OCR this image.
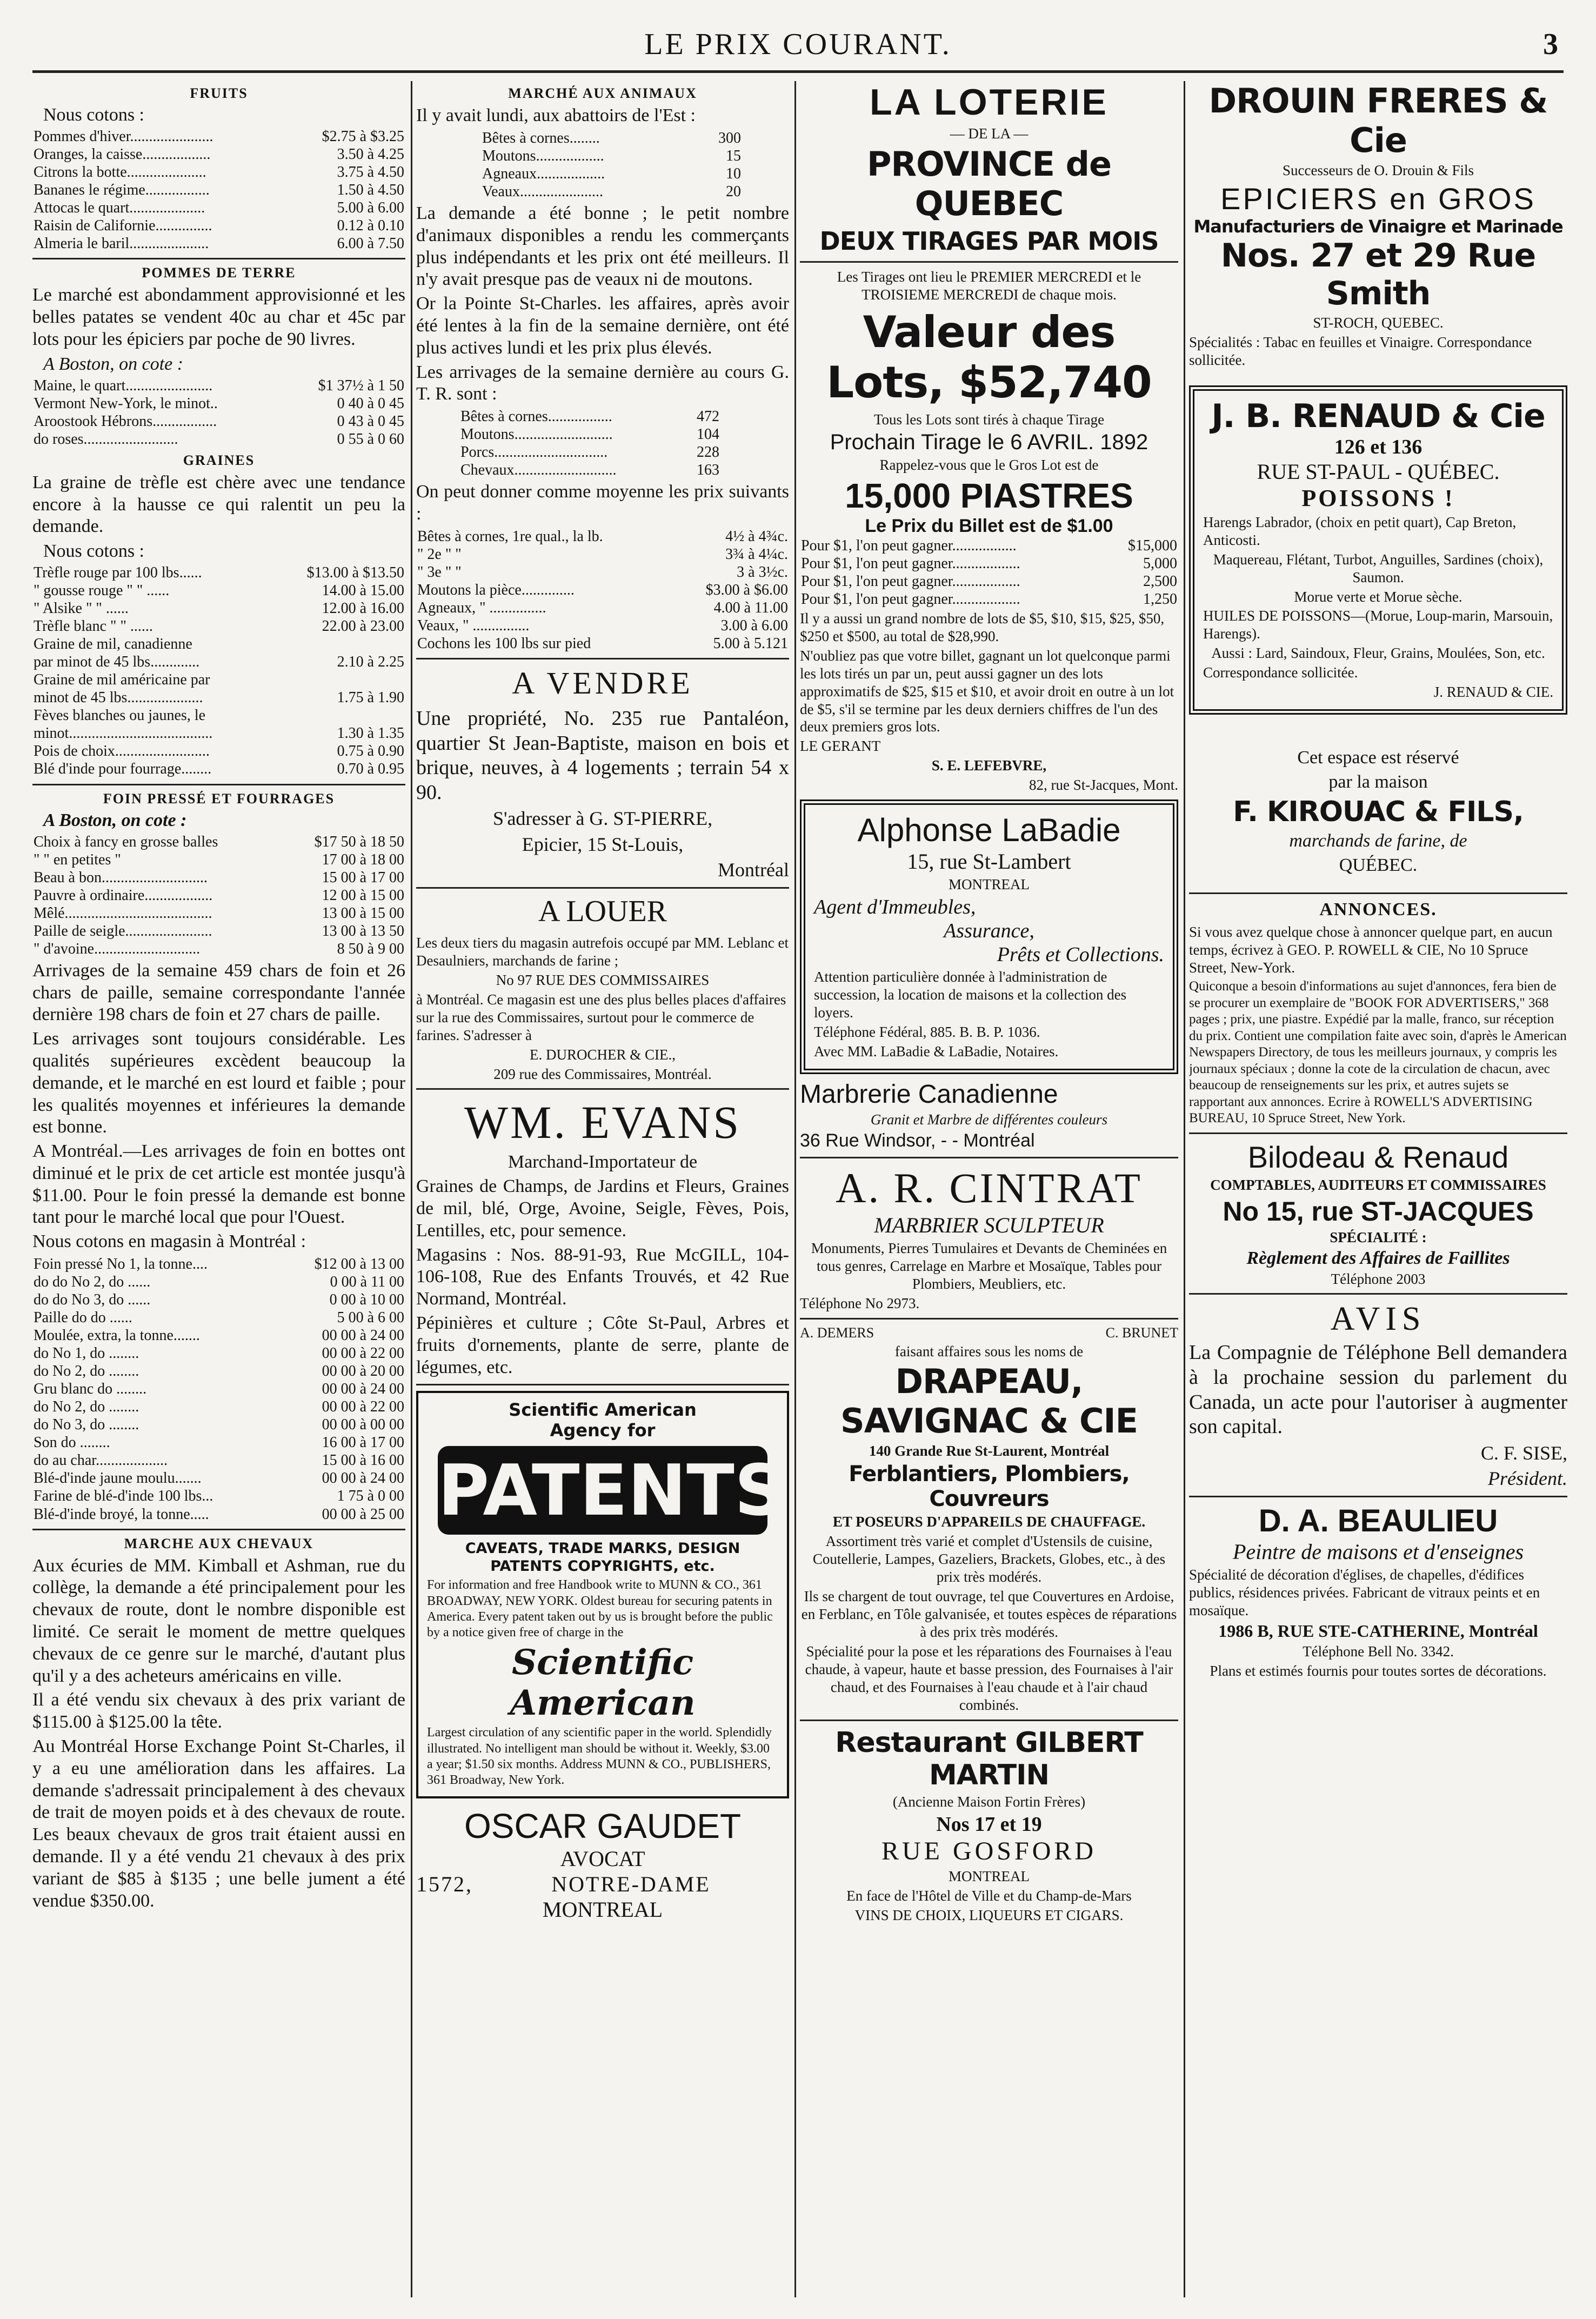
LE PRIX COURANT.	3
FRUITS
Nous cotons :
Pommes d'hiver......................	$2.75 à $3.25
Oranges, la caisse..................	3.50 à 4.25
Citrons la botte.....................	3.75 à 4.50
Bananes le régime.................	1.50 à 4.50
Attocas le quart....................	5.00 à 6.00
Raisin de Californie...............	0.12 à 0.10
Almeria le baril.....................	6.00 à 7.50
POMMES DE TERRE
Le marché est abondamment approvisionné et les belles patates se vendent 40c au char et 45c par lots pour les épiciers par poche de 90 livres.
A Boston, on cote :
Maine, le quart.......................	$1 37½ à 1 50
Vermont New-York, le minot..	0 40 à 0 45
Aroostook Hébrons.................	0 43 à 0 45
do roses.........................	0 55 à 0 60
GRAINES
La graine de trèfle est chère avec une tendance encore à la hausse ce qui ralentit un peu la demande.
Nous cotons :
Trèfle rouge par 100 lbs......	$13.00 à $13.50
" gousse rouge " " ......	14.00 à 15.00
" Alsike " " ......	12.00 à 16.00
Trèfle blanc " " ......	22.00 à 23.00
Graine de mil, canadienne	
par minot de 45 lbs.............	2.10 à 2.25
Graine de mil américaine par	
minot de 45 lbs....................	1.75 à 1.90
Fèves blanches ou jaunes, le	
minot......................................	1.30 à 1.35
Pois de choix.........................	0.75 à 0.90
Blé d'inde pour fourrage........	0.70 à 0.95
FOIN PRESSÉ ET FOURRAGES
A Boston, on cote :
Choix à fancy en grosse balles	$17 50 à 18 50
" " en petites "	17 00 à 18 00
Beau à bon............................	15 00 à 17 00
Pauvre à ordinaire..................	12 00 à 15 00
Mêlé.......................................	13 00 à 15 00
Paille de seigle.......................	13 00 à 13 50
" d'avoine............................	8 50 à 9 00
Arrivages de la semaine 459 chars de foin et 26 chars de paille, semaine correspondante l'année dernière 198 chars de foin et 27 chars de paille.
Les arrivages sont toujours considérable. Les qualités supérieures excèdent beaucoup la demande, et le marché en est lourd et faible ; pour les qualités moyennes et inférieures la demande est bonne.
A Montréal.—Les arrivages de foin en bottes ont diminué et le prix de cet article est montée jusqu'à $11.00. Pour le foin pressé la demande est bonne tant pour le marché local que pour l'Ouest.
Nous cotons en magasin à Montréal :
Foin pressé No 1, la tonne....	$12 00 à 13 00
do do No 2, do ......	0 00 à 11 00
do do No 3, do ......	0 00 à 10 00
Paille do do ......	5 00 à 6 00
Moulée, extra, la tonne.......	00 00 à 24 00
do No 1, do ........	00 00 à 22 00
do No 2, do ........	00 00 à 20 00
Gru blanc do ........	00 00 à 24 00
do No 2, do ........	00 00 à 22 00
do No 3, do ........	00 00 à 00 00
Son do ........	16 00 à 17 00
do au char...................	15 00 à 16 00
Blé-d'inde jaune moulu.......	00 00 à 24 00
Farine de blé-d'inde 100 lbs...	1 75 à 0 00
Blé-d'inde broyé, la tonne.....	00 00 à 25 00
MARCHE AUX CHEVAUX
Aux écuries de MM. Kimball et Ashman, rue du collège, la demande a été principalement pour les chevaux de route, dont le nombre disponible est limité. Ce serait le moment de mettre quelques chevaux de ce genre sur le marché, d'autant plus qu'il y a des acheteurs américains en ville.
Il a été vendu six chevaux à des prix variant de $115.00 à $125.00 la tête.
Au Montréal Horse Exchange Point St-Charles, il y a eu une amélioration dans les affaires. La demande s'adressait principalement à des chevaux de trait de moyen poids et à des chevaux de route. Les beaux chevaux de gros trait étaient aussi en demande. Il y a été vendu 21 chevaux à des prix variant de $85 à $135 ; une belle jument a été vendue $350.00.
MARCHÉ AUX ANIMAUX
Il y avait lundi, aux abattoirs de l'Est :
Bêtes à cornes........	300
Moutons..................	15
Agneaux..................	10
Veaux......................	20
La demande a été bonne ; le petit nombre d'animaux disponibles a rendu les commerçants plus indépendants et les prix ont été meilleurs. Il n'y avait presque pas de veaux ni de moutons.
Or la Pointe St-Charles. les affaires, après avoir été lentes à la fin de la semaine dernière, ont été plus actives lundi et les prix plus élevés.
Les arrivages de la semaine dernière au cours G. T. R. sont :
Bêtes à cornes.................	472
Moutons..........................	104
Porcs..............................	228
Chevaux...........................	163
On peut donner comme moyenne les prix suivants :
Bêtes à cornes, 1re qual., la lb.	4½ à 4¾c.
" 2e " "	3¾ à 4¼c.
" 3e " "	3 à 3½c.
Moutons la pièce..............	$3.00 à $6.00
Agneaux, " ...............	4.00 à 11.00
Veaux, " ...............	3.00 à 6.00
Cochons les 100 lbs sur pied	5.00 à 5.121
A VENDRE
Une propriété, No. 235 rue Pantaléon, quartier St Jean-Baptiste, maison en bois et brique, neuves, à 4 logements ; terrain 54 x 90.
S'adresser à G. ST-PIERRE,
Epicier, 15 St-Louis,
Montréal
A LOUER
Les deux tiers du magasin autrefois occupé par MM. Leblanc et Desaulniers, marchands de farine ;
No 97 RUE DES COMMISSAIRES
à Montréal. Ce magasin est une des plus belles places d'affaires sur la rue des Commissaires, surtout pour le commerce de farines. S'adresser à
E. DUROCHER & CIE.,
209 rue des Commissaires, Montréal.
WM. EVANS
Marchand-Importateur de
Graines de Champs, de Jardins et Fleurs, Graines de mil, blé, Orge, Avoine, Seigle, Fèves, Pois, Lentilles, etc, pour semence.
Magasins : Nos. 88-91-93, Rue McGILL, 104-106-108, Rue des Enfants Trouvés, et 42 Rue Normand, Montréal.
Pépinières et culture ; Côte St-Paul, Arbres et fruits d'ornements, plante de serre, plante de légumes, etc.
Scientific American
Agency for
PATENTS
CAVEATS, TRADE MARKS, DESIGN PATENTS COPYRIGHTS, etc.
For information and free Handbook write to MUNN & CO., 361 BROADWAY, NEW YORK. Oldest bureau for securing patents in America. Every patent taken out by us is brought before the public by a notice given free of charge in the
Scientific American
Largest circulation of any scientific paper in the world. Splendidly illustrated. No intelligent man should be without it. Weekly, $3.00 a year; $1.50 six months. Address MUNN & CO., PUBLISHERS, 361 Broadway, New York.
OSCAR GAUDET
AVOCAT
1572,	NOTRE-DAME
MONTREAL
LA LOTERIE
— DE LA —
PROVINCE de QUEBEC
DEUX TIRAGES PAR MOIS
Les Tirages ont lieu le PREMIER MERCREDI et le TROISIEME MERCREDI de chaque mois.
Valeur des Lots, $52,740
Tous les Lots sont tirés à chaque Tirage
Prochain Tirage le 6 AVRIL. 1892
Rappelez-vous que le Gros Lot est de
15,000 PIASTRES
Le Prix du Billet est de $1.00
Pour $1, l'on peut gagner.................	$15,000
Pour $1, l'on peut gagner..................	5,000
Pour $1, l'on peut gagner..................	2,500
Pour $1, l'on peut gagner..................	1,250
Il y a aussi un grand nombre de lots de $5, $10, $15, $25, $50, $250 et $500, au total de $28,990.
N'oubliez pas que votre billet, gagnant un lot quelconque parmi les lots tirés un par un, peut aussi gagner un des lots approximatifs de $25, $15 et $10, et avoir droit en outre à un lot de $5, s'il se termine par les deux derniers chiffres de l'un des deux premiers gros lots.
LE GERANT
S. E. LEFEBVRE,
82, rue St-Jacques, Mont.
Alphonse LaBadie
15, rue St-Lambert
MONTREAL
Agent d'Immeubles,
Assurance,
Prêts et Collections.
Attention particulière donnée à l'administration de succession, la location de maisons et la collection des loyers.
Téléphone Fédéral, 885. B. B. P. 1036.
Avec MM. LaBadie & LaBadie, Notaires.
Marbrerie Canadienne
Granit et Marbre de différentes couleurs
36 Rue Windsor, - - Montréal
A. R. CINTRAT
MARBRIER SCULPTEUR
Monuments, Pierres Tumulaires et Devants de Cheminées en tous genres, Carrelage en Marbre et Mosaïque, Tables pour Plombiers, Meubliers, etc.
Téléphone No 2973.
A. DEMERS	C. BRUNET
faisant affaires sous les noms de
DRAPEAU, SAVIGNAC & CIE
140 Grande Rue St-Laurent, Montréal
Ferblantiers, Plombiers, Couvreurs
ET POSEURS D'APPAREILS DE CHAUFFAGE.
Assortiment très varié et complet d'Ustensils de cuisine, Coutellerie, Lampes, Gazeliers, Brackets, Globes, etc., à des prix très modérés.
Ils se chargent de tout ouvrage, tel que Couvertures en Ardoise, en Ferblanc, en Tôle galvanisée, et toutes espèces de réparations à des prix très modérés.
Spécialité pour la pose et les réparations des Fournaises à l'eau chaude, à vapeur, haute et basse pression, des Fournaises à l'air chaud, et des Fournaises à l'eau chaude et à l'air chaud combinés.
Restaurant GILBERT MARTIN
(Ancienne Maison Fortin Frères)
Nos 17 et 19
RUE GOSFORD
MONTREAL
En face de l'Hôtel de Ville et du Champ-de-Mars
VINS DE CHOIX, LIQUEURS ET CIGARS.
DROUIN FRERES & Cie
Successeurs de O. Drouin & Fils
EPICIERS en GROS
Manufacturiers de Vinaigre et Marinade
Nos. 27 et 29 Rue Smith
ST-ROCH, QUEBEC.
Spécialités : Tabac en feuilles et Vinaigre. Correspondance sollicitée.
J. B. RENAUD & Cie
126 et 136
RUE ST-PAUL - QUÉBEC.
POISSONS !
Harengs Labrador, (choix en petit quart), Cap Breton, Anticosti.
Maquereau, Flétant, Turbot, Anguilles, Sardines (choix), Saumon.
Morue verte et Morue sèche.
HUILES DE POISSONS—(Morue, Loup-marin, Marsouin, Harengs).
Aussi : Lard, Saindoux, Fleur, Grains, Moulées, Son, etc.
Correspondance sollicitée.
J. RENAUD & CIE.
Cet espace est réservé
par la maison
F. KIROUAC & FILS,
marchands de farine, de
QUÉBEC.
ANNONCES.
Si vous avez quelque chose à annoncer quelque part, en aucun temps, écrivez à GEO. P. ROWELL & CIE, No 10 Spruce Street, New-York.
Quiconque a besoin d'informations au sujet d'annonces, fera bien de se procurer un exemplaire de "BOOK FOR ADVERTISERS," 368 pages ; prix, une piastre. Expédié par la malle, franco, sur réception du prix. Contient une compilation faite avec soin, d'après le American Newspapers Directory, de tous les meilleurs journaux, y compris les journaux spéciaux ; donne la cote de la circulation de chacun, avec beaucoup de renseignements sur les prix, et autres sujets se rapportant aux annonces. Ecrire à ROWELL'S ADVERTISING BUREAU, 10 Spruce Street, New York.
Bilodeau & Renaud
COMPTABLES, AUDITEURS ET COMMISSAIRES
No 15, rue ST-JACQUES
SPÉCIALITÉ :
Règlement des Affaires de Faillites
Téléphone 2003
AVIS
La Compagnie de Téléphone Bell demandera à la prochaine session du parlement du Canada, un acte pour l'autoriser à augmenter son capital.
C. F. SISE,
Président.
D. A. BEAULIEU
Peintre de maisons et d'enseignes
Spécialité de décoration d'églises, de chapelles, d'édifices publics, résidences privées. Fabricant de vitraux peints et en mosaïque.
1986 B, RUE STE-CATHERINE, Montréal
Téléphone Bell No. 3342.
Plans et estimés fournis pour toutes sortes de décorations.
